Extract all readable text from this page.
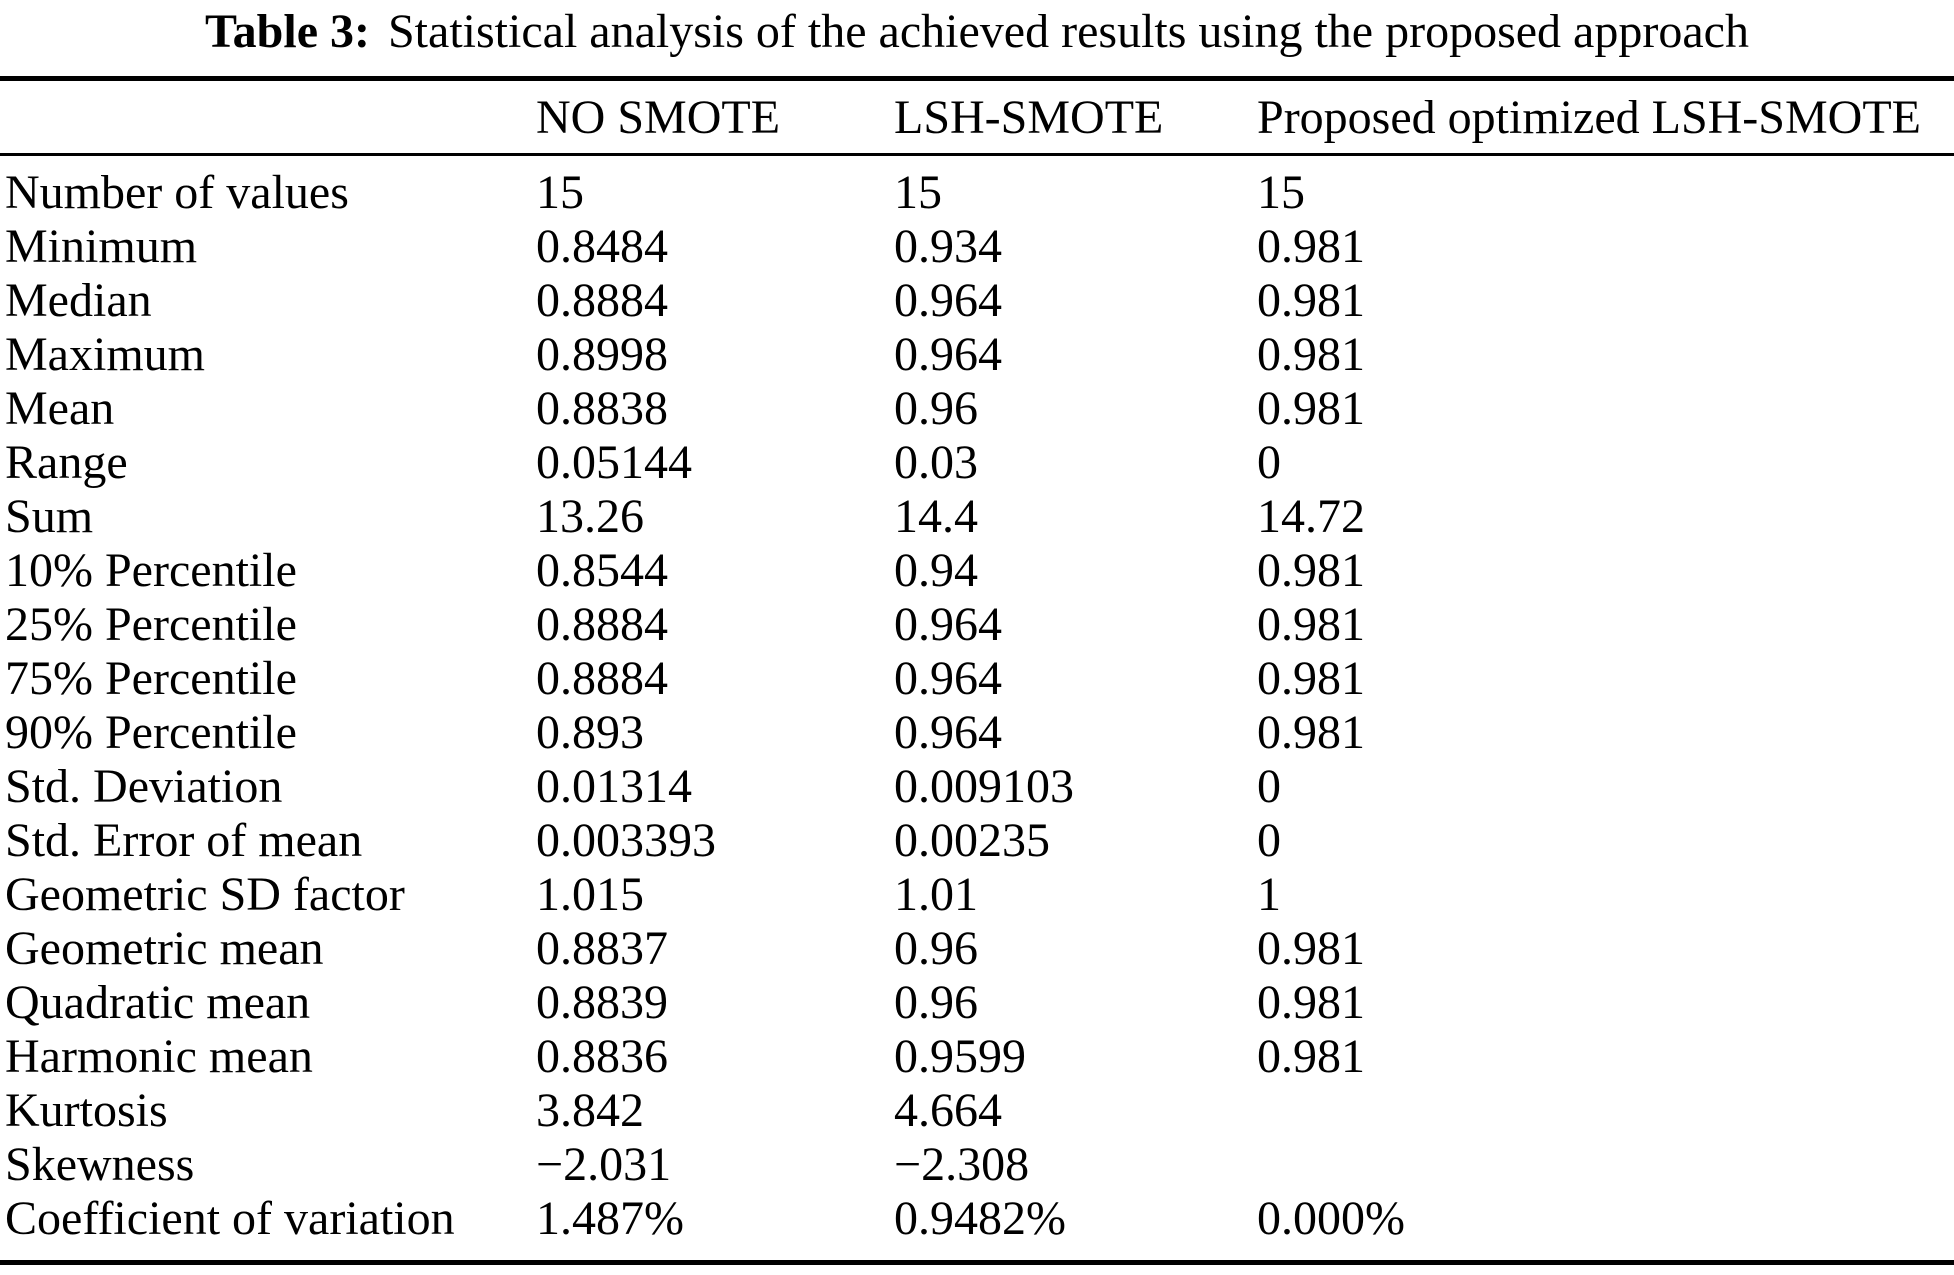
Table 3: Statistical analysis of the achieved results using the proposed approach
	NO SMOTE	LSH-SMOTE	Proposed optimized LSH-SMOTE
Number of values	15	15	15
Minimum	0.8484	0.934	0.981
Median	0.8884	0.964	0.981
Maximum	0.8998	0.964	0.981
Mean	0.8838	0.96	0.981
Range	0.05144	0.03	0
Sum	13.26	14.4	14.72
10% Percentile	0.8544	0.94	0.981
25% Percentile	0.8884	0.964	0.981
75% Percentile	0.8884	0.964	0.981
90% Percentile	0.893	0.964	0.981
Std. Deviation	0.01314	0.009103	0
Std. Error of mean	0.003393	0.00235	0
Geometric SD factor	1.015	1.01	1
Geometric mean	0.8837	0.96	0.981
Quadratic mean	0.8839	0.96	0.981
Harmonic mean	0.8836	0.9599	0.981
Kurtosis	3.842	4.664	
Skewness	−2.031	−2.308	
Coefficient of variation	1.487%	0.9482%	0.000%
